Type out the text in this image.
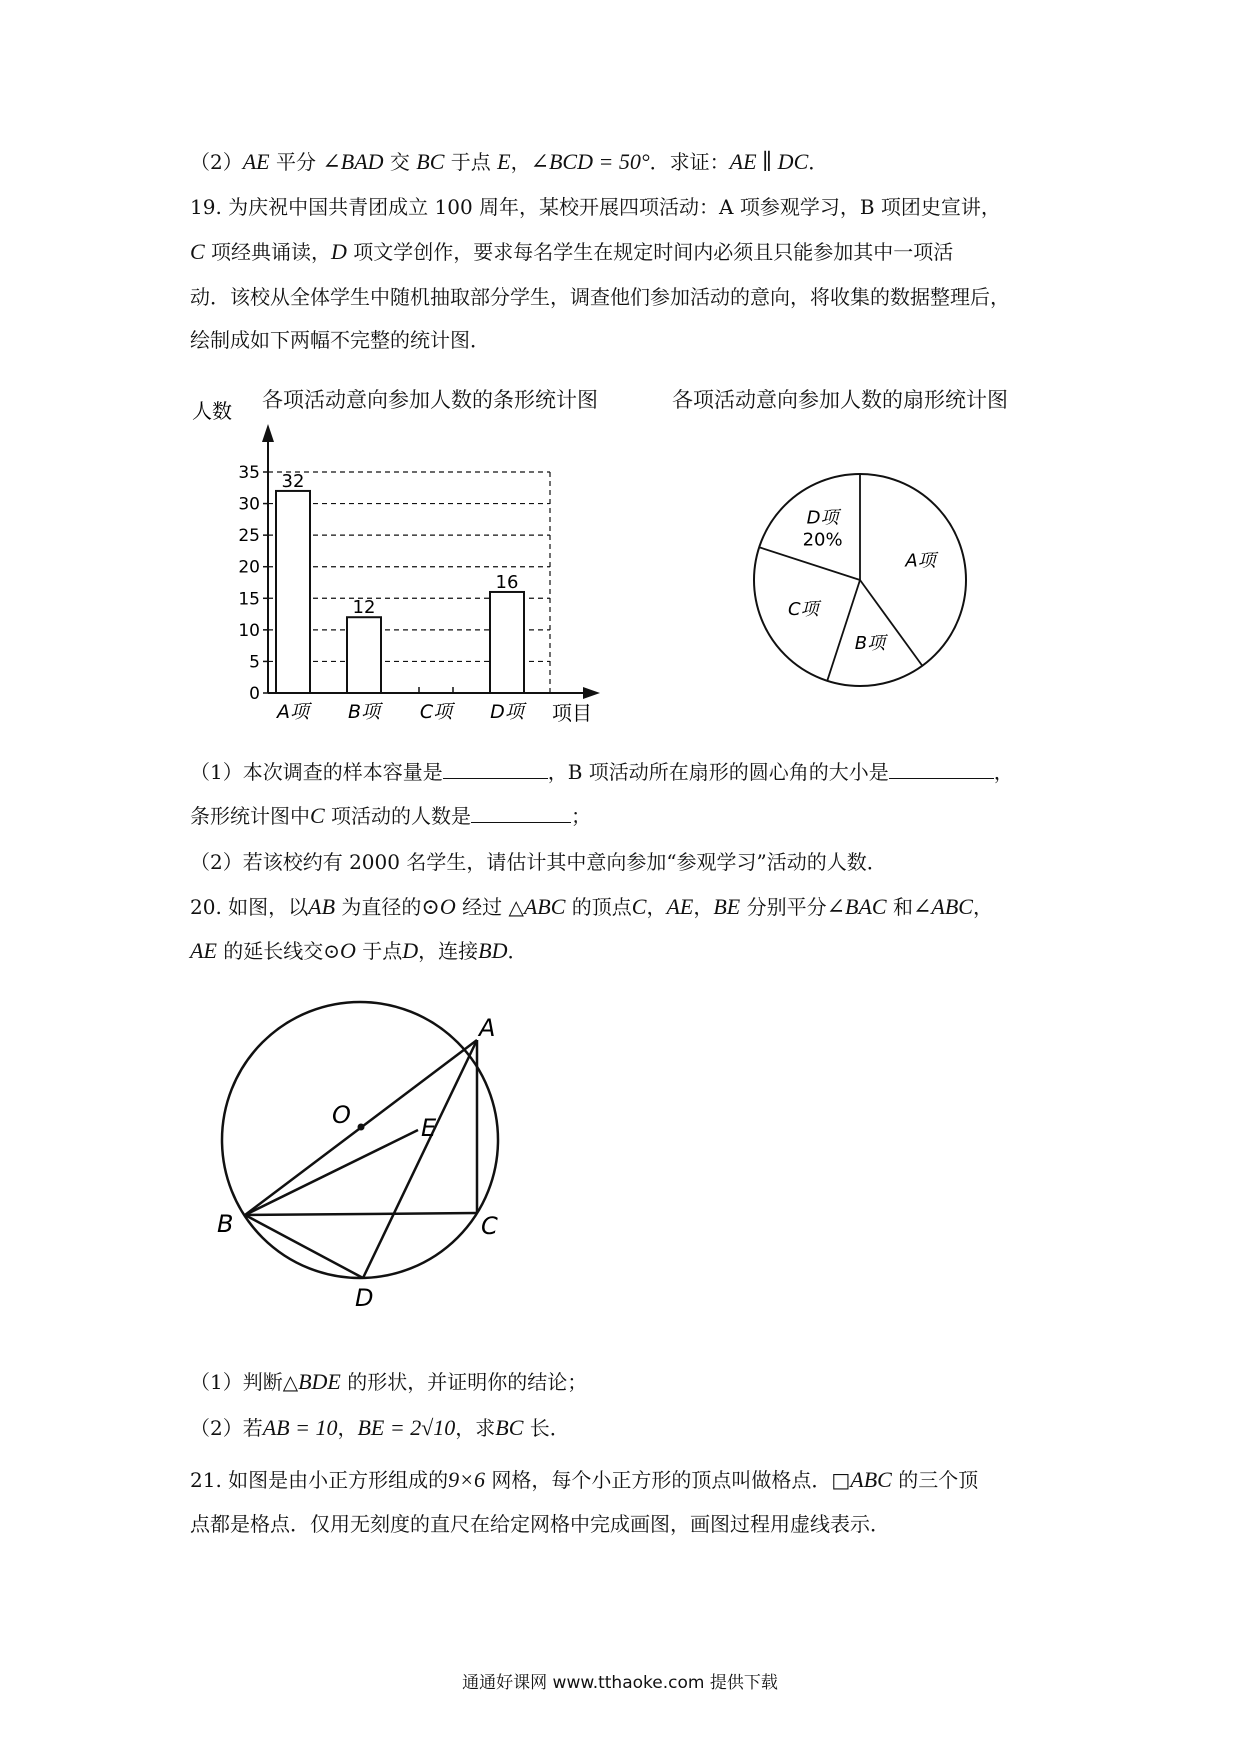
（2）AE 平分 ∠BAD 交 BC 于点 E，∠BCD = 50°．求证：AE ∥ DC．
19. 为庆祝中国共青团成立 100 周年，某校开展四项活动：A 项参观学习，B 项团史宣讲，
C 项经典诵读，D 项文学创作，要求每名学生在规定时间内必须且只能参加其中一项活
动．该校从全体学生中随机抽取部分学生，调查他们参加活动的意向，将收集的数据整理后，
绘制成如下两幅不完整的统计图．
各项活动意向参加人数的条形统计图	各项活动意向参加人数的扇形统计图
0
5
10
15
20
25
30
35
人数
项目
A项
32
B项
12
C项 D项
16
A项
B项
C项
D项
20%
（1）本次调查的样本容量是	，B 项活动所在扇形的圆心角的大小是	，
条形统计图中C 项活动的人数是	；
（2）若该校约有 2000 名学生，请估计其中意向参加“参观学习”活动的人数．
20. 如图，以AB 为直径的⊙O 经过 △ABC 的顶点C，AE，BE 分别平分∠BAC 和∠ABC，
AE 的延长线交⊙O 于点D，连接BD．
A
B	C
D
E
O
（1）判断△BDE 的形状，并证明你的结论；
（2）若AB = 10，BE = 2√10，求BC 长．
21. 如图是由小正方形组成的9×6 网格，每个小正方形的顶点叫做格点．□ABC 的三个顶
点都是格点．仅用无刻度的直尺在给定网格中完成画图，画图过程用虚线表示．
通通好课网 www.tthaoke.com 提供下载
